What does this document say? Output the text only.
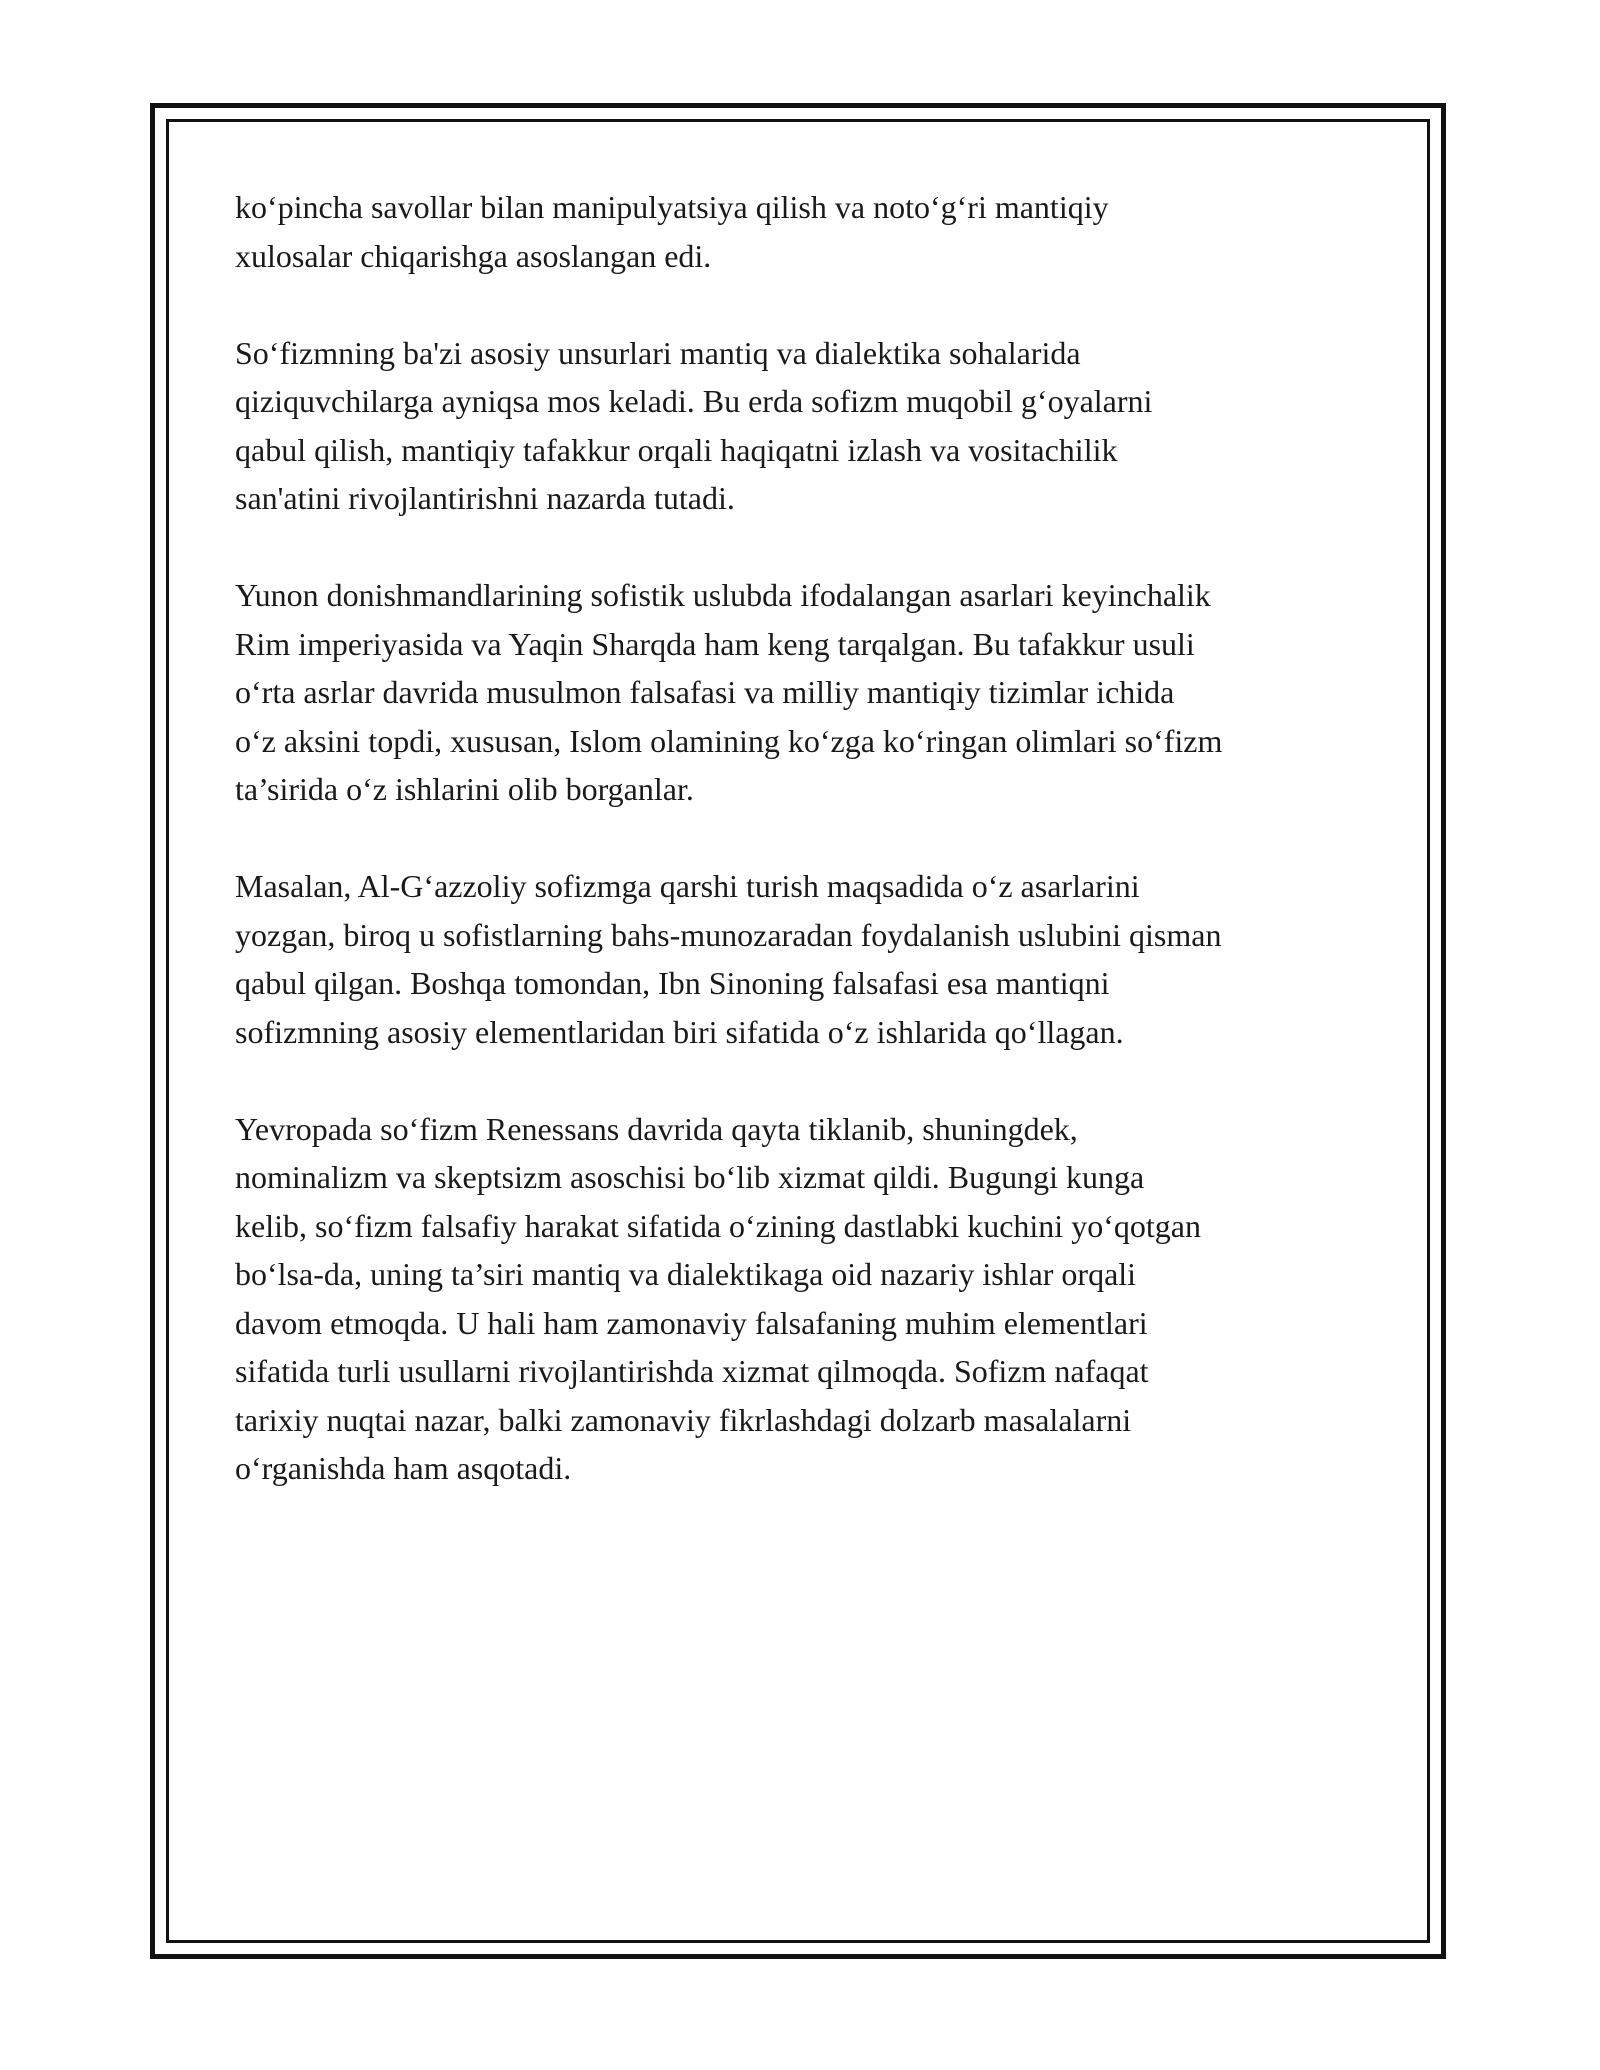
ko‘pincha savollar bilan manipulyatsiya qilish va noto‘g‘ri mantiqiy
xulosalar chiqarishga asoslangan edi.

So‘fizmning ba'zi asosiy unsurlari mantiq va dialektika sohalarida
qiziquvchilarga ayniqsa mos keladi. Bu erda sofizm muqobil g‘oyalarni
qabul qilish, mantiqiy tafakkur orqali haqiqatni izlash va vositachilik
san'atini rivojlantirishni nazarda tutadi.

Yunon donishmandlarining sofistik uslubda ifodalangan asarlari keyinchalik
Rim imperiyasida va Yaqin Sharqda ham keng tarqalgan. Bu tafakkur usuli
o‘rta asrlar davrida musulmon falsafasi va milliy mantiqiy tizimlar ichida
o‘z aksini topdi, xususan, Islom olamining ko‘zga ko‘ringan olimlari so‘fizm
ta’sirida o‘z ishlarini olib borganlar.

Masalan, Al-G‘azzoliy sofizmga qarshi turish maqsadida o‘z asarlarini
yozgan, biroq u sofistlarning bahs-munozaradan foydalanish uslubini qisman
qabul qilgan. Boshqa tomondan, Ibn Sinoning falsafasi esa mantiqni
sofizmning asosiy elementlaridan biri sifatida o‘z ishlarida qo‘llagan.

Yevropada so‘fizm Renessans davrida qayta tiklanib, shuningdek,
nominalizm va skeptsizm asoschisi bo‘lib xizmat qildi. Bugungi kunga
kelib, so‘fizm falsafiy harakat sifatida o‘zining dastlabki kuchini yo‘qotgan
bo‘lsa-da, uning ta’siri mantiq va dialektikaga oid nazariy ishlar orqali
davom etmoqda. U hali ham zamonaviy falsafaning muhim elementlari
sifatida turli usullarni rivojlantirishda xizmat qilmoqda. Sofizm nafaqat
tarixiy nuqtai nazar, balki zamonaviy fikrlashdagi dolzarb masalalarni
o‘rganishda ham asqotadi.
